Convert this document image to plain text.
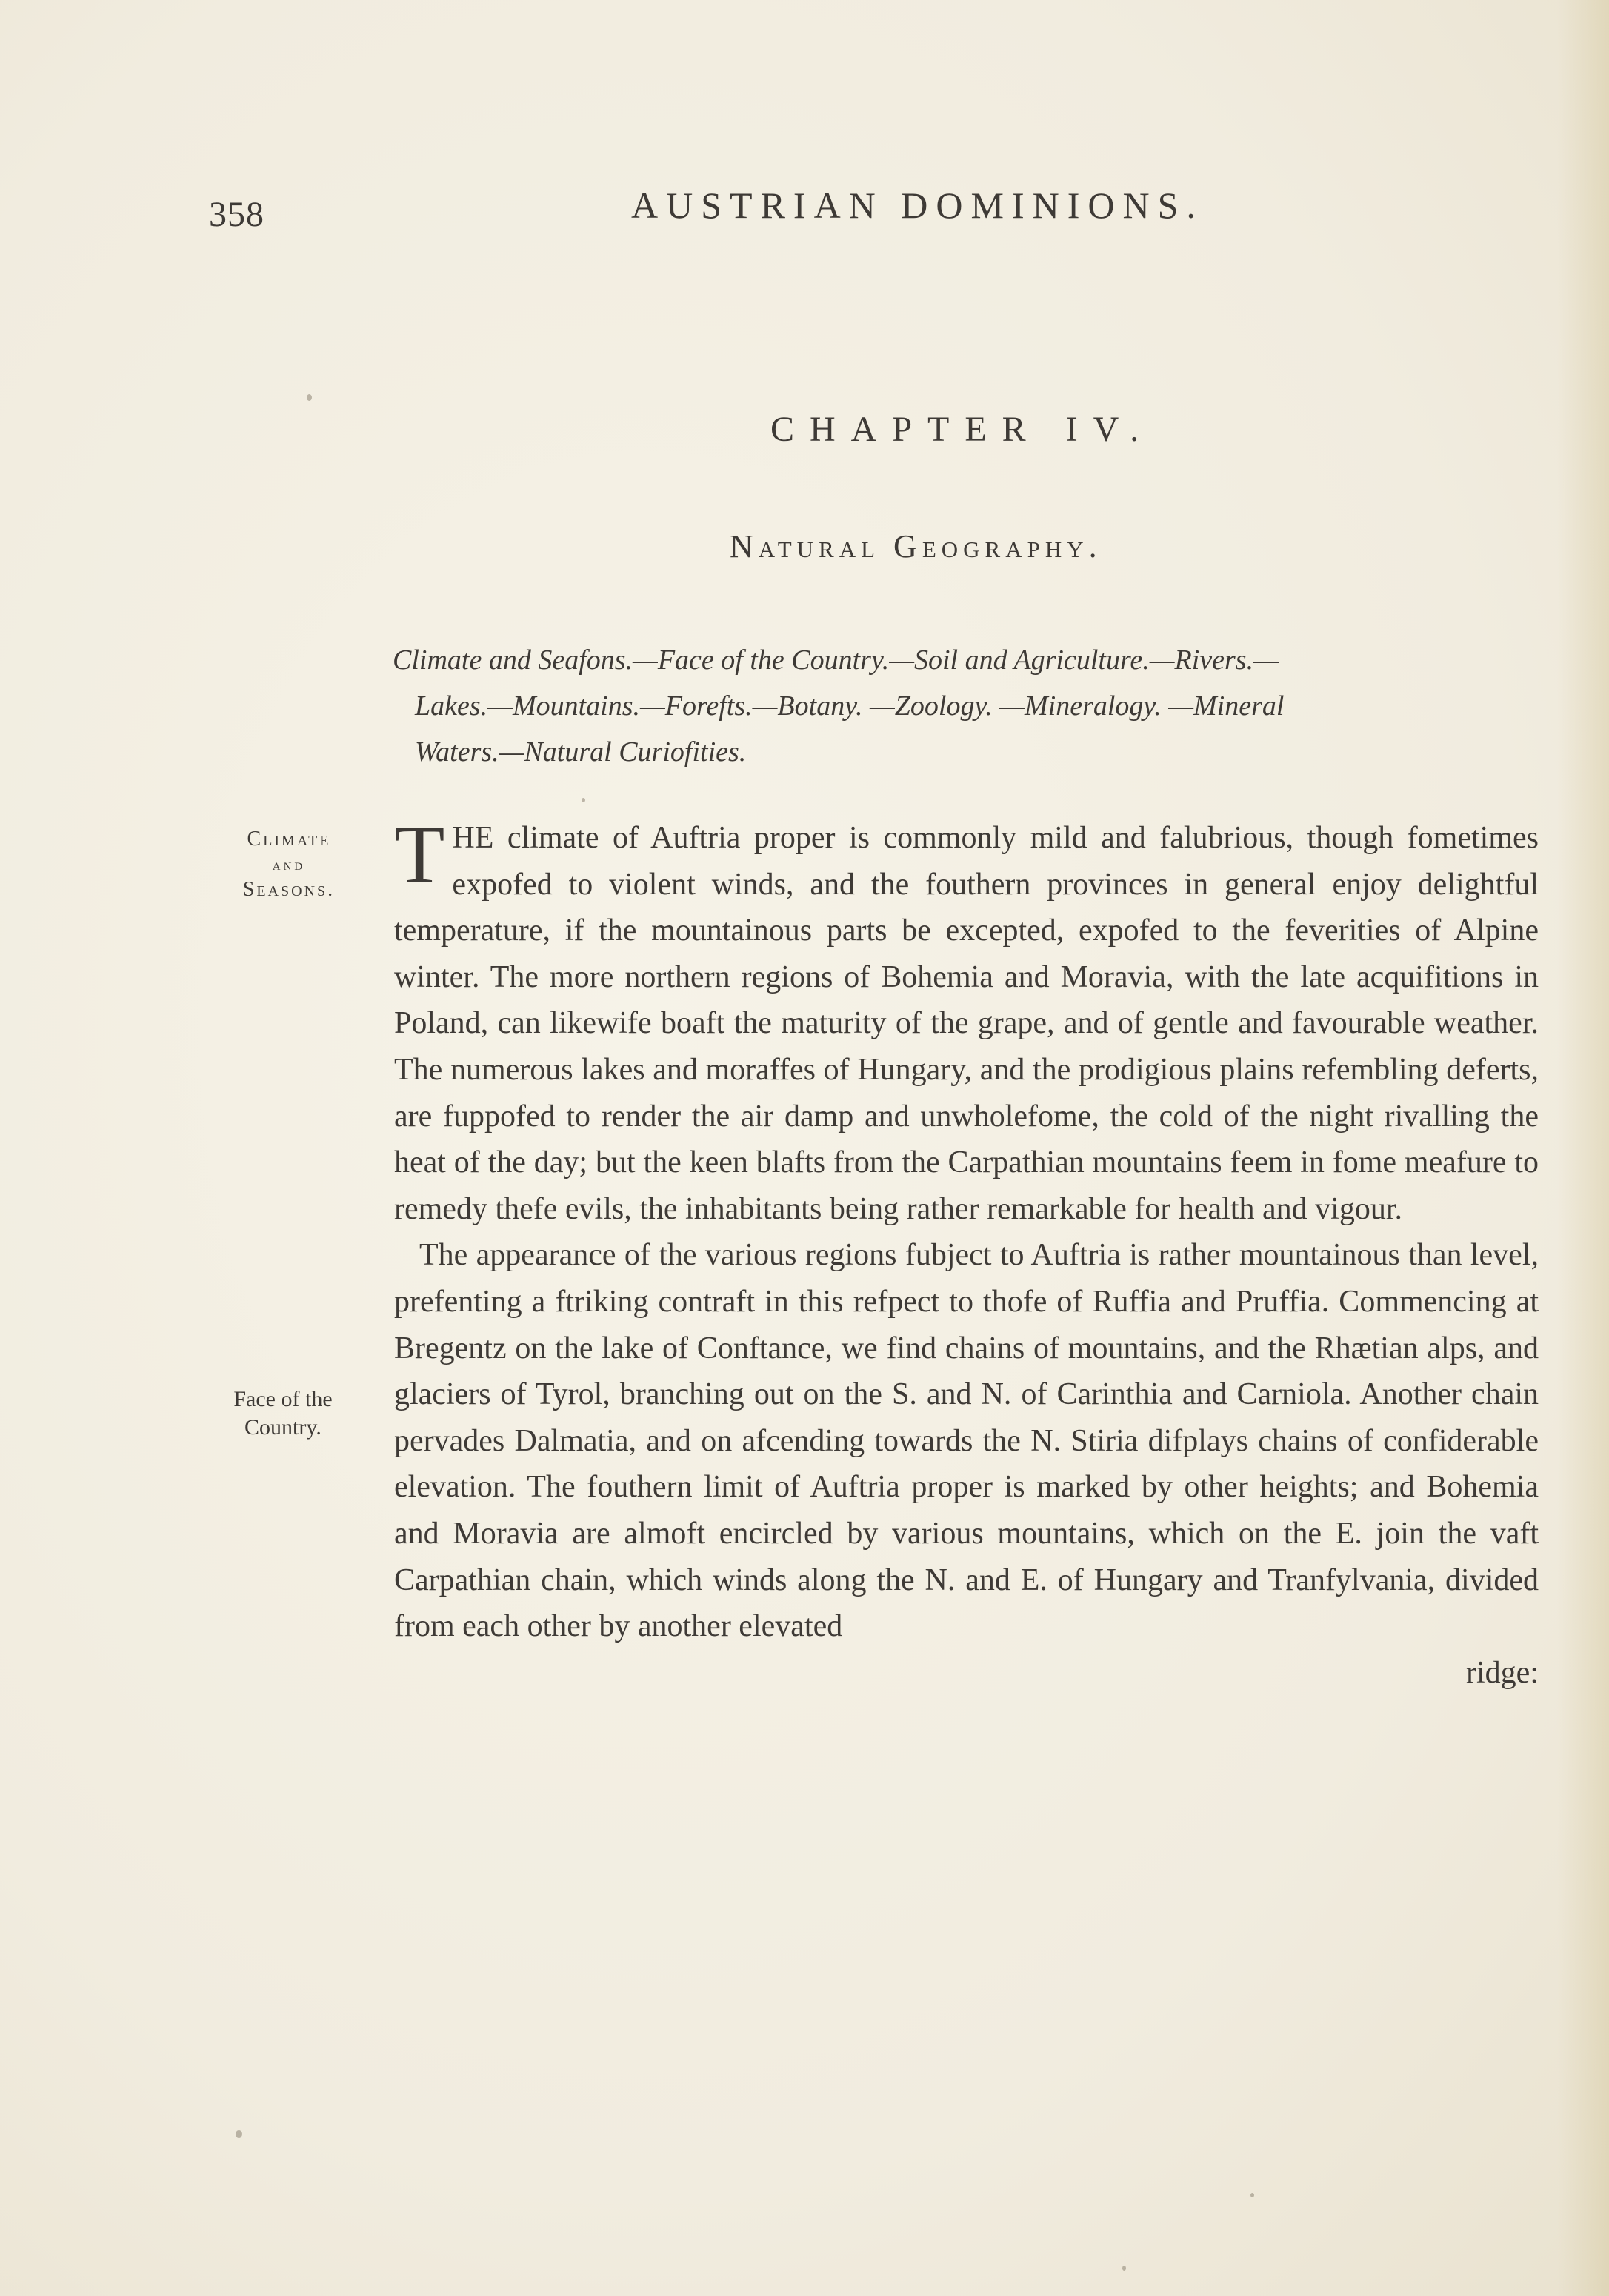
358	AUSTRIAN DOMINIONS.
CHAPTER IV.
Natural Geography.
Climate and Seafons.—Face of the Country.—Soil and Agriculture.—Rivers.—
Lakes.—Mountains.—Forefts.—Botany. —Zoology. —Mineralogy. —Mineral
Waters.—Natural Curiofities.
Climate
and
Seasons.
Face of the
Country.

THE climate of Auftria proper is commonly mild and falubrious, though fometimes expofed to violent winds, and the fouthern provinces in general enjoy delightful temperature, if the mountainous parts be excepted, expofed to the feverities of Alpine winter. The more northern regions of Bohemia and Moravia, with the late acquifitions in Poland, can likewife boaft the maturity of the grape, and of gentle and favourable weather. The numerous lakes and moraffes of Hungary, and the prodigious plains refembling deferts, are fuppofed to render the air damp and unwholefome, the cold of the night rivalling the heat of the day; but the keen blafts from the Carpathian mountains feem in fome meafure to remedy thefe evils, the inhabitants being rather remarkable for health and vigour.

The appearance of the various regions fubject to Auftria is rather mountainous than level, prefenting a ftriking contraft in this refpect to thofe of Ruffia and Pruffia. Commencing at Bregentz on the lake of Conftance, we find chains of mountains, and the Rhætian alps, and glaciers of Tyrol, branching out on the S. and N. of Carinthia and Carniola. Another chain pervades Dalmatia, and on afcending towards the N. Stiria difplays chains of confiderable elevation. The fouthern limit of Auftria proper is marked by other heights; and Bohemia and Moravia are almoft encircled by various mountains, which on the E. join the vaft Carpathian chain, which winds along the N. and E. of Hungary and Tranfylvania, divided from each other by another elevated

ridge:
